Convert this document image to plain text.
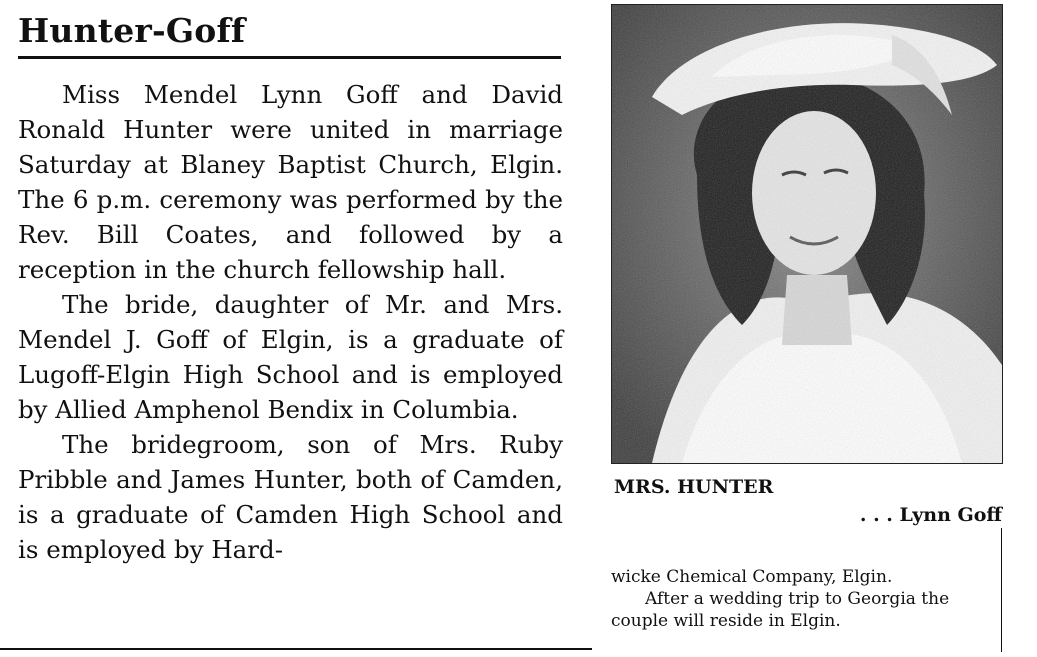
Hunter-Goff

Miss Mendel Lynn Goff and David Ronald Hunter were united in marriage Saturday at Blaney Baptist Church, Elgin. The 6 p.m. ceremony was performed by the Rev. Bill Coates, and followed by a reception in the church fellowship hall.

The bride, daughter of Mr. and Mrs. Mendel J. Goff of Elgin, is a graduate of Lugoff-Elgin High School and is employed by Allied Amphenol Bendix in Columbia.

The bridegroom, son of Mrs. Ruby Pribble and James Hunter, both of Camden, is a graduate of Camden High School and is employed by Hard-

MRS. HUNTER
. . . Lynn Goff

wicke Chemical Company, Elgin.

After a wedding trip to Georgia the couple will reside in Elgin.
